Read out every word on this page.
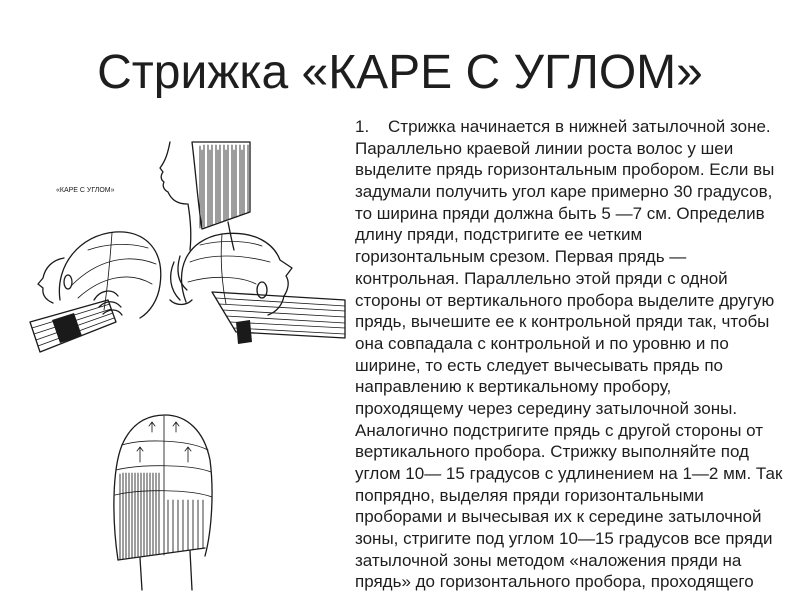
Стрижка «КАРЕ С УГЛОМ»
«КАРЕ С УГЛОМ»
1. Стрижка начинается в нижней затылочной зоне.
Параллельно краевой линии роста волос у шеи
выделите прядь горизонтальным пробором. Если вы
задумали получить угол каре примерно 30 градусов,
то ширина пряди должна быть 5 —7 см. Определив
длину пряди, подстригите ее четким
горизонтальным срезом. Первая прядь —
контрольная. Параллельно этой пряди с одной
стороны от вертикального пробора выделите другую
прядь, вычешите ее к контрольной пряди так, чтобы
она совпадала с контрольной и по уровню и по
ширине, то есть следует вычесывать прядь по
направлению к вертикальному пробору,
проходящему через середину затылочной зоны.
Аналогично подстригите прядь с другой стороны от
вертикального пробора. Стрижку выполняйте под
углом 10— 15 градусов с удлинением на 1—2 мм. Так
попрядно, выделяя пряди горизонтальными
проборами и вычесывая их к середине затылочной
зоны, стригите под углом 10—15 градусов все пряди
затылочной зоны методом «наложения пряди на
прядь» до горизонтального пробора, проходящего
